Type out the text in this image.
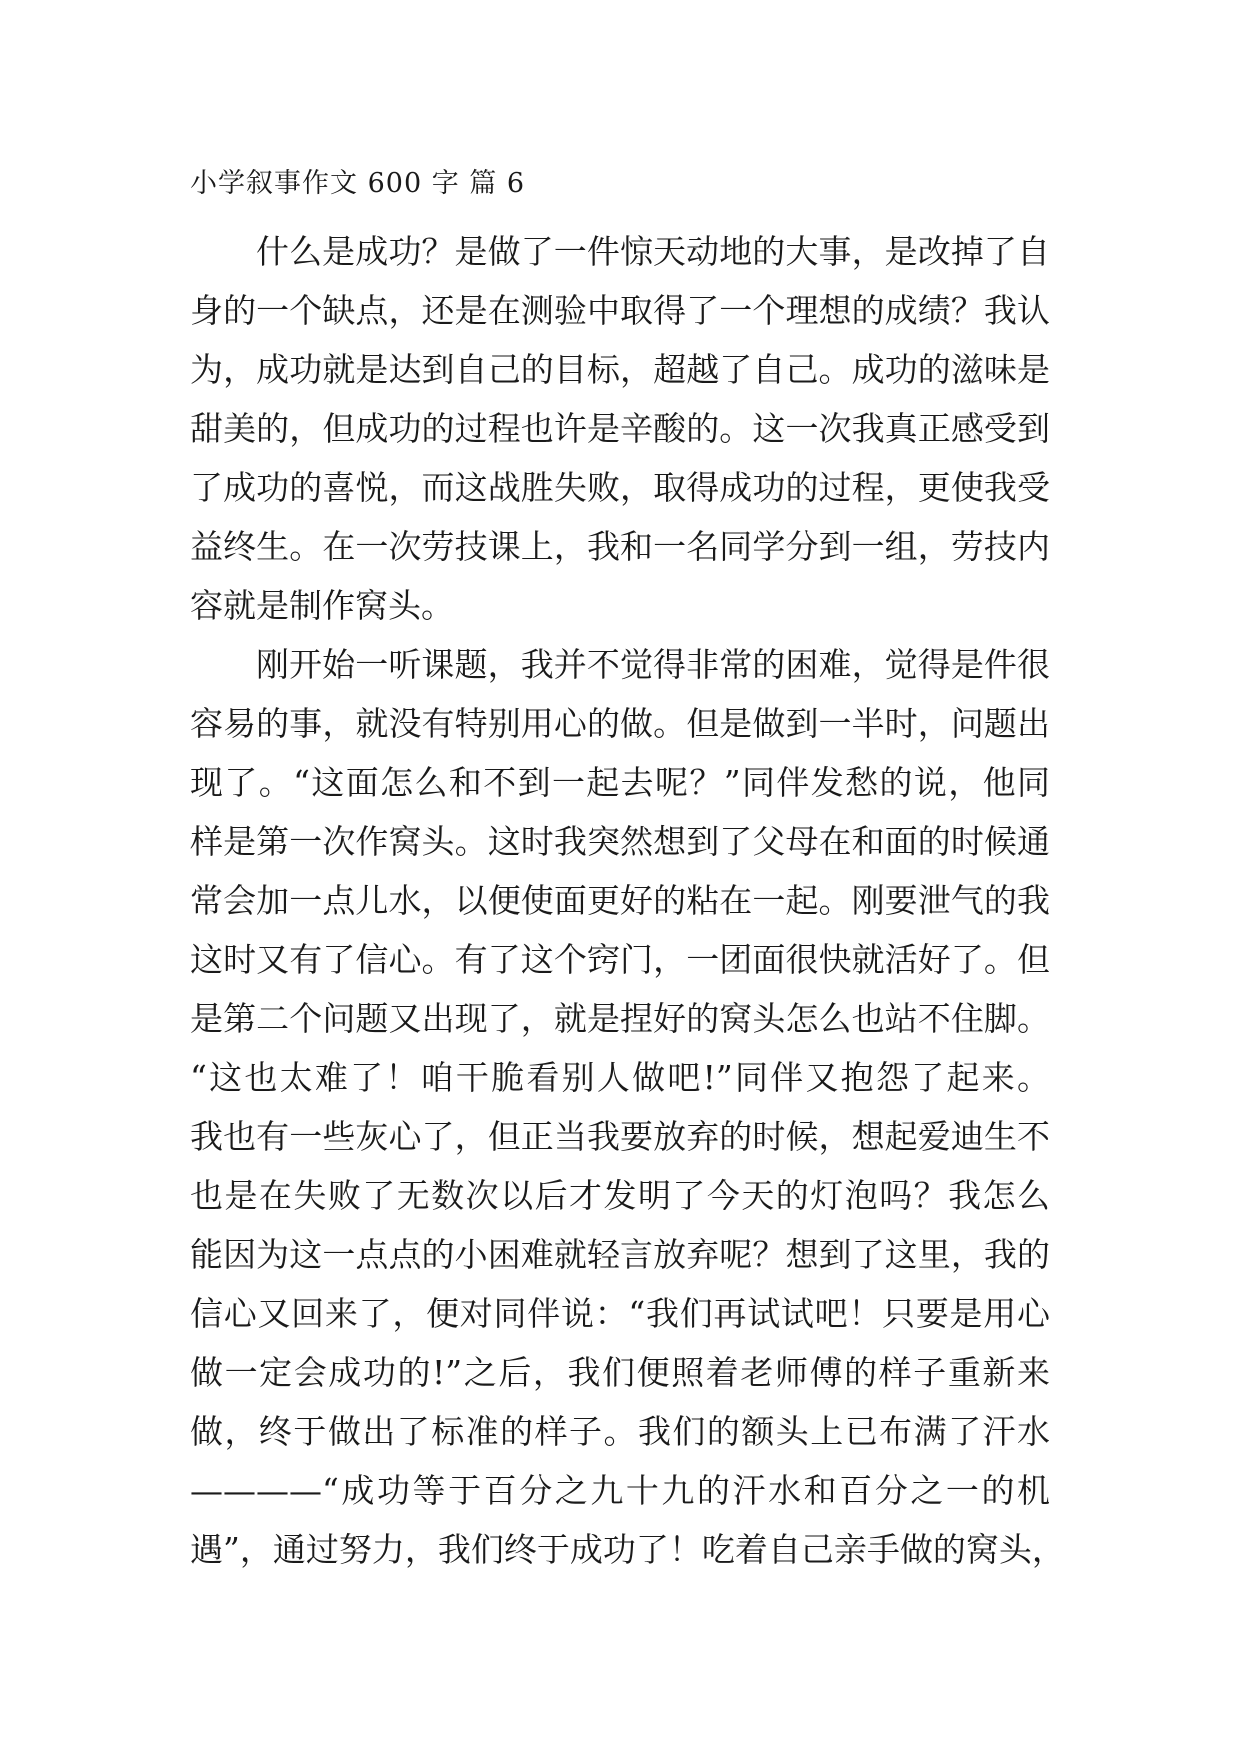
小学叙事作文 600 字 篇 6
什么是成功？是做了一件惊天动地的大事，是改掉了自
身的一个缺点，还是在测验中取得了一个理想的成绩？我认
为，成功就是达到自己的目标，超越了自己。成功的滋味是
甜美的，但成功的过程也许是辛酸的。这一次我真正感受到
了成功的喜悦，而这战胜失败，取得成功的过程，更使我受
益终生。在一次劳技课上，我和一名同学分到一组，劳技内
容就是制作窝头。
刚开始一听课题，我并不觉得非常的困难，觉得是件很
容易的事，就没有特别用心的做。但是做到一半时，问题出
现了。“这面怎么和不到一起去呢？”同伴发愁的说，他同
样是第一次作窝头。这时我突然想到了父母在和面的时候通
常会加一点儿水，以便使面更好的粘在一起。刚要泄气的我
这时又有了信心。有了这个窍门，一团面很快就活好了。但
是第二个问题又出现了，就是捏好的窝头怎么也站不住脚。
“这也太难了！咱干脆看别人做吧!”同伴又抱怨了起来。
我也有一些灰心了，但正当我要放弃的时候，想起爱迪生不
也是在失败了无数次以后才发明了今天的灯泡吗？我怎么
能因为这一点点的小困难就轻言放弃呢？想到了这里，我的
信心又回来了，便对同伴说：“我们再试试吧！只要是用心
做一定会成功的!”之后，我们便照着老师傅的样子重新来
做，终于做出了标准的样子。我们的额头上已布满了汗水
————“成功等于百分之九十九的汗水和百分之一的机
遇”，通过努力，我们终于成功了！吃着自己亲手做的窝头，
